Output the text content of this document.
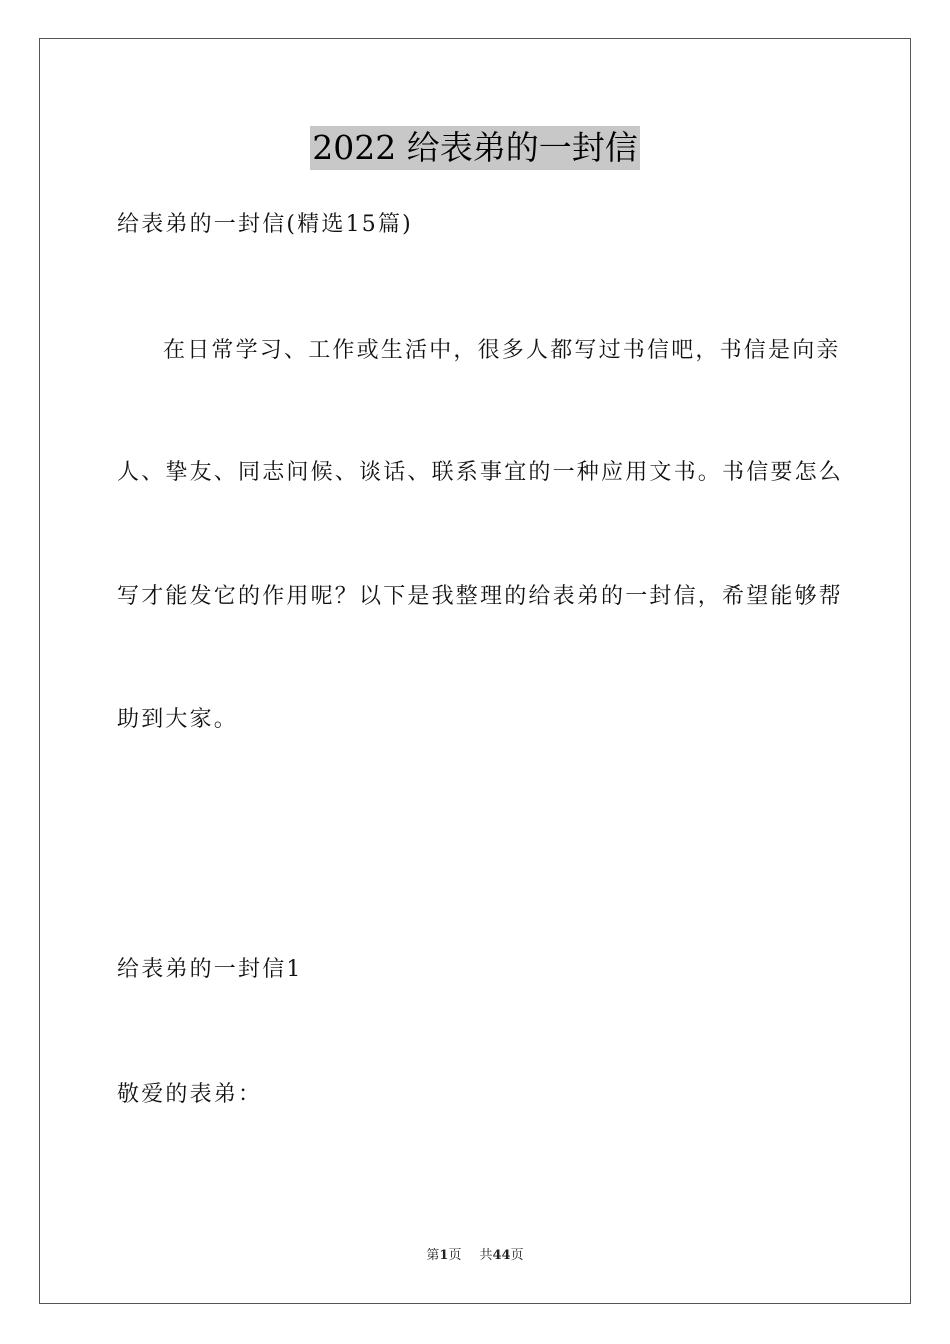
2022 给表弟的一封信
给表弟的一封信(精选15篇)
在日常学习、工作或生活中，很多人都写过书信吧，书信是向亲
人、挚友、同志问候、谈话、联系事宜的一种应用文书。书信要怎么
写才能发它的作用呢？以下是我整理的给表弟的一封信，希望能够帮
助到大家。
给表弟的一封信1
敬爱的表弟：
第1页 共44页
